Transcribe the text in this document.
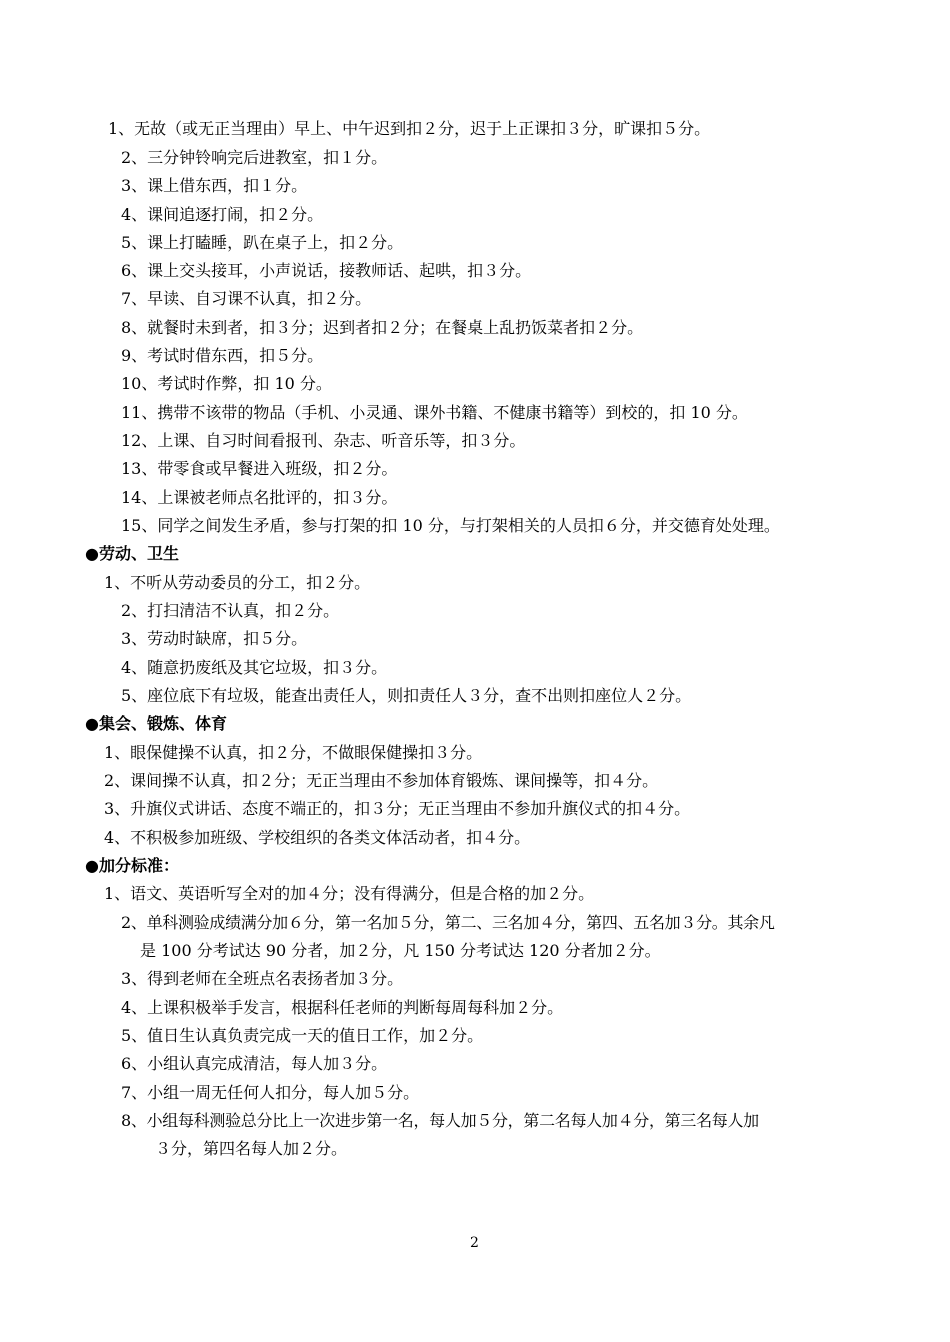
1、无故（或无正当理由）早上、中午迟到扣２分，迟于上正课扣３分，旷课扣５分。
2、三分钟铃响完后进教室，扣１分。
3、课上借东西，扣１分。
4、课间追逐打闹，扣２分。
5、课上打瞌睡，趴在桌子上，扣２分。
6、课上交头接耳，小声说话，接教师话、起哄，扣３分。
7、早读、自习课不认真，扣２分。
8、就餐时未到者，扣３分；迟到者扣２分；在餐桌上乱扔饭菜者扣２分。
9、考试时借东西，扣５分。
10、考试时作弊，扣 10 分。
11、携带不该带的物品（手机、小灵通、课外书籍、不健康书籍等）到校的，扣 10 分。
12、上课、自习时间看报刊、杂志、听音乐等，扣３分。
13、带零食或早餐进入班级，扣２分。
14、上课被老师点名批评的，扣３分。
15、同学之间发生矛盾，参与打架的扣 10 分，与打架相关的人员扣６分，并交德育处处理。
●劳动、卫生
1、不听从劳动委员的分工，扣２分。
2、打扫清洁不认真，扣２分。
3、劳动时缺席，扣５分。
4、随意扔废纸及其它垃圾，扣３分。
5、座位底下有垃圾，能查出责任人，则扣责任人３分，查不出则扣座位人２分。
●集会、锻炼、体育
1、眼保健操不认真，扣２分，不做眼保健操扣３分。
2、课间操不认真，扣２分；无正当理由不参加体育锻炼、课间操等，扣４分。
3、升旗仪式讲话、态度不端正的，扣３分；无正当理由不参加升旗仪式的扣４分。
4、不积极参加班级、学校组织的各类文体活动者，扣４分。
●加分标准：
1、语文、英语听写全对的加４分；没有得满分，但是合格的加２分。
2、单科测验成绩满分加６分，第一名加５分，第二、三名加４分，第四、五名加３分。其余凡
是 100 分考试达 90 分者，加２分，凡 150 分考试达 120 分者加２分。
3、得到老师在全班点名表扬者加３分。
4、上课积极举手发言，根据科任老师的判断每周每科加２分。
5、值日生认真负责完成一天的值日工作，加２分。
6、小组认真完成清洁，每人加３分。
7、小组一周无任何人扣分，每人加５分。
8、小组每科测验总分比上一次进步第一名，每人加５分，第二名每人加４分，第三名每人加
３分，第四名每人加２分。
2
